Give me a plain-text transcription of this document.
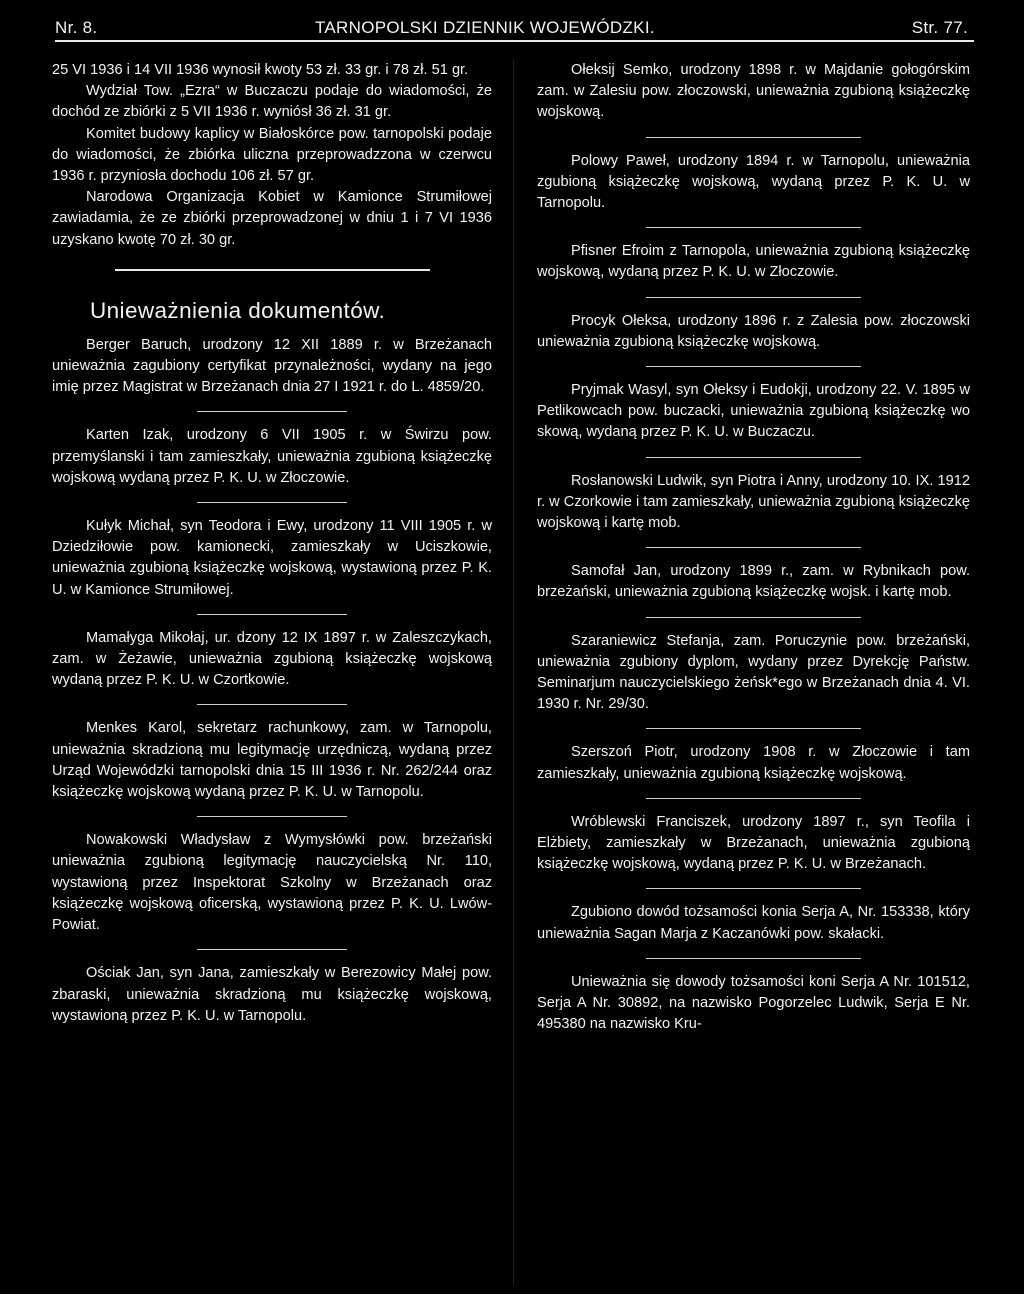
Nr. 8.	TARNOPOLSKI DZIENNIK WOJEWÓDZKI.	Str. 77.

25 VI 1936 i 14 VII 1936 wynosił kwoty 53 zł. 33 gr. i 78 zł. 51 gr.

Wydział Tow. „Ezra“ w Buczaczu podaje do wiadomości, że dochód ze zbiórki z 5 VII 1936 r. wyniósł 36 zł. 31 gr.

Komitet budowy kaplicy w Białoskórce pow. tarnopolski podaje do wiadomości, że zbiórka uliczna przeprowadzzona w czerwcu 1936 r. przyniosła dochodu 106 zł. 57 gr.

Narodowa Organizacja Kobiet w Kamionce Strumiłowej zawiadamia, że ze zbiórki przeprowadzonej w dniu 1 i 7 VI 1936 uzyskano kwotę 70 zł. 30 gr.

Unieważnienia dokumentów.

Berger Baruch, urodzony 12 XII 1889 r. w Brzeżanach unieważnia zagubiony certyfikat przynależności, wydany na jego imię przez Magistrat w Brzeżanach dnia 27 I 1921 r. do L. 4859/20.

Karten Izak, urodzony 6 VII 1905 r. w Świrzu pow. przemyślanski i tam zamieszkały, unieważnia zgubioną książeczkę wojskową wydaną przez P. K. U. w Złoczowie.

Kułyk Michał, syn Teodora i Ewy, urodzony 11 VIII 1905 r. w Dziedziłowie pow. kamionecki, zamieszkały w Uciszkowie, unieważnia zgubioną książeczkę wojskową, wystawioną przez P. K. U. w Kamionce Strumiłowej.

Mamałyga Mikołaj, ur. dzony 12 IX 1897 r. w Zaleszczykach, zam. w Żeżawie, unieważnia zgubioną książeczkę wojskową wydaną przez P. K. U. w Czortkowie.

Menkes Karol, sekretarz rachunkowy, zam. w Tarnopolu, unieważnia skradzioną mu legitymację urzędniczą, wydaną przez Urząd Wojewódzki tarnopolski dnia 15 III 1936 r. Nr. 262/244 oraz książeczkę wojskową wydaną przez P. K. U. w Tarnopolu.

Nowakowski Władysław z Wymysłówki pow. brzeżański unieważnia zgubioną legitymację nauczycielską Nr. 110, wystawioną przez Inspektorat Szkolny w Brzeżanach oraz książeczkę wojskową oficerską, wystawioną przez P. K. U. Lwów-Powiat.

Ościak Jan, syn Jana, zamieszkały w Berezowicy Małej pow. zbaraski, unieważnia skradzioną mu książeczkę wojskową, wystawioną przez P. K. U. w Tarnopolu.

Ołeksij Semko, urodzony 1898 r. w Majdanie gołogórskim zam. w Zalesiu pow. złoczowski, unieważnia zgubioną książeczkę wojskową.

Polowy Paweł, urodzony 1894 r. w Tarnopolu, unieważnia zgubioną książeczkę wojskową, wydaną przez P. K. U. w Tarnopolu.

Pfisner Efroim z Tarnopola, unieważnia zgubioną książeczkę wojskową, wydaną przez P. K. U. w Złoczowie.

Procyk Ołeksa, urodzony 1896 r. z Zalesia pow. złoczowski unieważnia zgubioną książeczkę wojskową.

Pryjmak Wasyl, syn Ołeksy i Eudokji, urodzony 22. V. 1895 w Petlikowcach pow. buczacki, unieważnia zgubioną książeczkę wo skową, wydaną przez P. K. U. w Buczaczu.

Rosłanowski Ludwik, syn Piotra i Anny, urodzony 10. IX. 1912 r. w Czorkowie i tam zamieszkały, unieważnia zgubioną książeczkę wojskową i kartę mob.

Samofał Jan, urodzony 1899 r., zam. w Rybnikach pow. brzeżański, unieważnia zgubioną książeczkę wojsk. i kartę mob.

Szaraniewicz Stefanja, zam. Poruczynie pow. brzeżański, unieważnia zgubiony dyplom, wydany przez Dyrekcję Państw. Seminarjum nauczycielskiego żeńsk*ego w Brzeżanach dnia 4. VI. 1930 r. Nr. 29/30.

Szerszoń Piotr, urodzony 1908 r. w Złoczowie i tam zamieszkały, unieważnia zgubioną książeczkę wojskową.

Wróblewski Franciszek, urodzony 1897 r., syn Teofila i Elżbiety, zamieszkały w Brzeżanach, unieważnia zgubioną książeczkę wojskową, wydaną przez P. K. U. w Brzeżanach.

Zgubiono dowód tożsamości konia Serja A, Nr. 153338, który unieważnia Sagan Marja z Kaczanówki pow. skałacki.

Unieważnia się dowody tożsamości koni Serja A Nr. 101512, Serja A Nr. 30892, na nazwisko Pogorzelec Ludwik, Serja E Nr. 495380 na nazwisko Kru-
